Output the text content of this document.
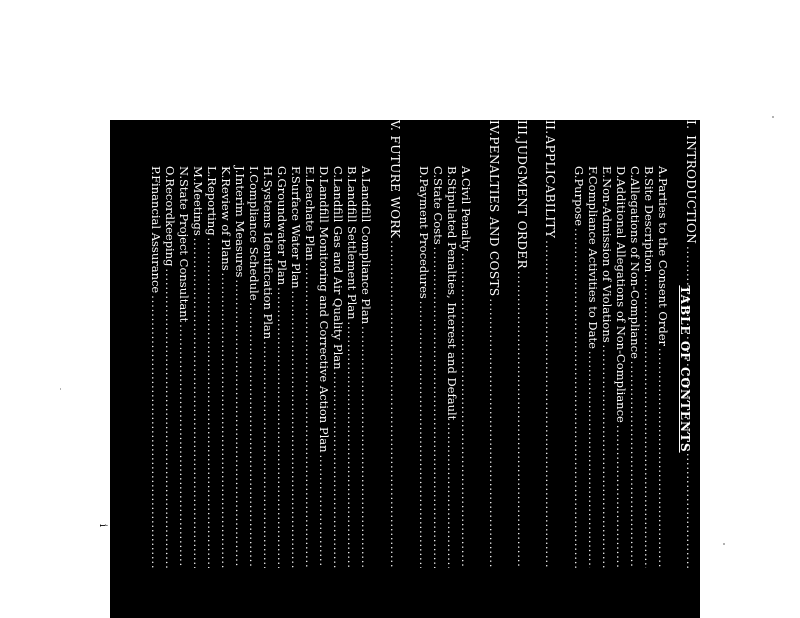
TABLE OF CONTENTS
I.
INTRODUCTION
.....
A.
Parties to the Consent Order
.....
B.
Site Description
.....
C.
Allegations of Non-Compliance
.....
D.
Additional Allegations of Non-Compliance
.....
E.
Non-Admission of Violations
.....
F.
Compliance Activities to Date
.....
G.
Purpose
.....
II.
APPLICABILITY
.....
III.
JUDGMENT ORDER
.....
IV.
PENALTIES AND COSTS
.....
A.
Civil Penalty
.....
B.
Stipulated Penalties, Interest and Default
.....
C.
State Costs
.....
D.
Payment Procedures
.....
V.
FUTURE WORK
.....
A.
Landfill Compliance Plan
.....
B.
Landfill Settlement Plan
.....
C.
Landfill Gas and Air Quality Plan
.....
D.
Landfill Monitoring and Corrective Action Plan
.....
E.
Leachate Plan
.....
F.
Surface Water Plan
.....
G.
Groundwater Plan
.....
H.
Systems Identification Plan
.....
I.
Compliance Schedule
.....
J.
Interim Measures
.....
K.
Review of Plans
.....
L.
Reporting
.....
M.
Meetings
.....
N.
State Project Consultant
.....
O.
Recordkeeping
.....
P.
Financial Assurance
.....
i
